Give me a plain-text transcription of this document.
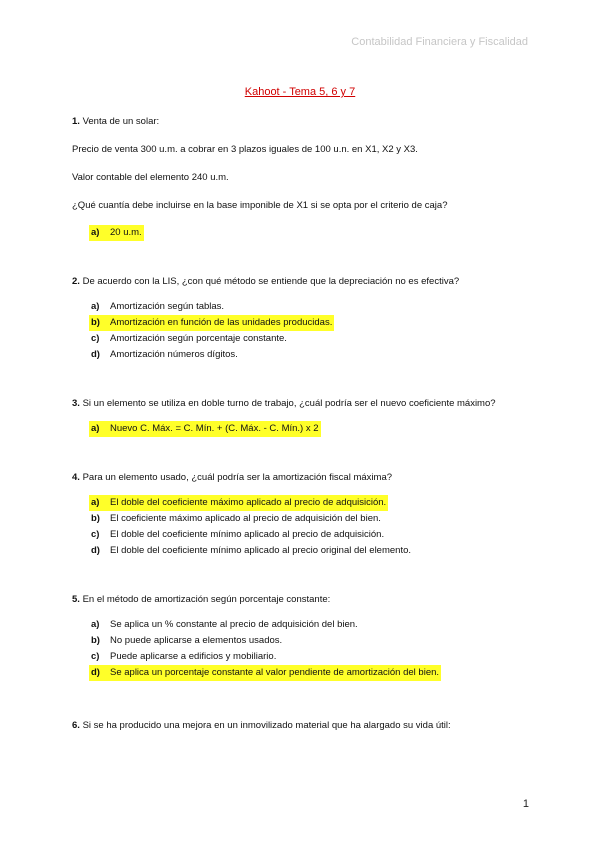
Contabilidad Financiera y Fiscalidad
Kahoot - Tema 5, 6 y 7

1. Venta de un solar:

Precio de venta 300 u.m. a cobrar en 3 plazos iguales de 100 u.n. en X1, X2 y X3.

Valor contable del elemento 240 u.m.

¿Qué cuantía debe incluirse en la base imponible de X1 si se opta por el criterio de caja?

a) 20 u.m.

2. De acuerdo con la LIS, ¿con qué método se entiende que la depreciación no es efectiva?

a) Amortización según tablas.
b) Amortización en función de las unidades producidas.
c) Amortización según porcentaje constante.
d) Amortización números dígitos.

3. Si un elemento se utiliza en doble turno de trabajo, ¿cuál podría ser el nuevo coeficiente máximo?

a) Nuevo C. Máx. = C. Mín. + (C. Máx. - C. Mín.) x 2

4. Para un elemento usado, ¿cuál podría ser la amortización fiscal máxima?

a) El doble del coeficiente máximo aplicado al precio de adquisición.
b) El coeficiente máximo aplicado al precio de adquisición del bien.
c) El doble del coeficiente mínimo aplicado al precio de adquisición.
d) El doble del coeficiente mínimo aplicado al precio original del elemento.

5. En el método de amortización según porcentaje constante:

a) Se aplica un % constante al precio de adquisición del bien.
b) No puede aplicarse a elementos usados.
c) Puede aplicarse a edificios y mobiliario.
d) Se aplica un porcentaje constante al valor pendiente de amortización del bien.

6. Si se ha producido una mejora en un inmovilizado material que ha alargado su vida útil:

1
